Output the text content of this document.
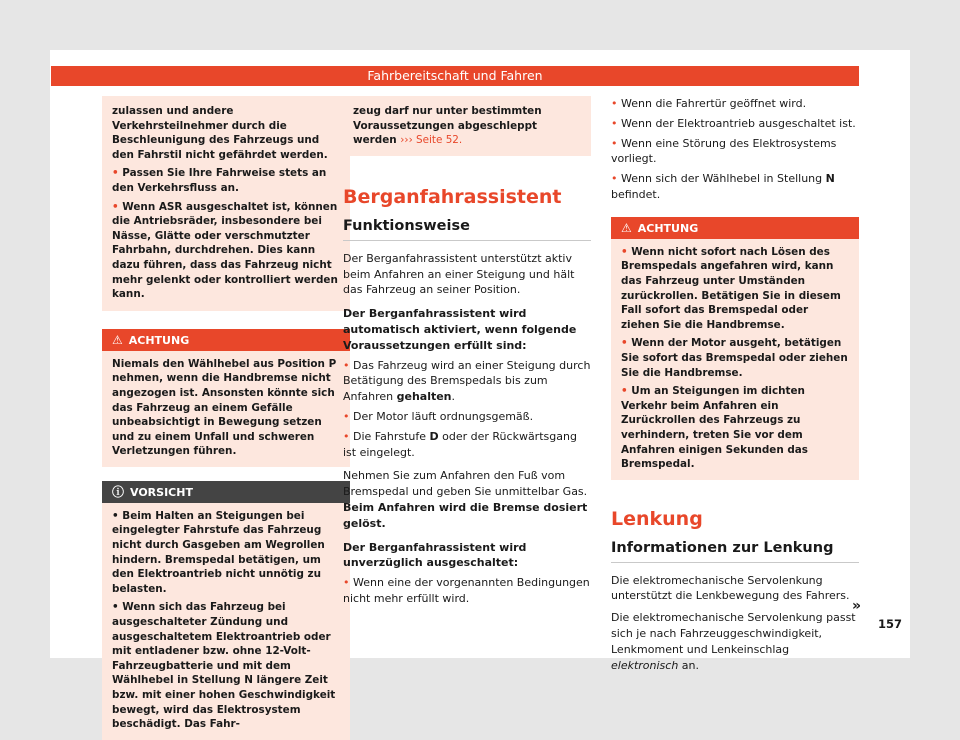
Fahrbereitschaft und Fahren

zulassen und andere Verkehrsteilnehmer durch die Beschleunigung des Fahrzeugs und den Fahrstil nicht gefährdet werden.

• Passen Sie Ihre Fahrweise stets an den Verkehrsfluss an.

• Wenn ASR ausgeschaltet ist, können die Antriebsräder, insbesondere bei Nässe, Glätte oder verschmutzter Fahrbahn, durchdrehen. Dies kann dazu führen, dass das Fahrzeug nicht mehr gelenkt oder kontrolliert werden kann.

⚠ ACHTUNG

Niemals den Wählhebel aus Position P nehmen, wenn die Handbremse nicht angezogen ist. Ansonsten könnte sich das Fahrzeug an einem Gefälle unbeabsichtigt in Bewegung setzen und zu einem Unfall und schweren Verletzungen führen.

ⓘ VORSICHT

• Beim Halten an Steigungen bei eingelegter Fahrstufe das Fahrzeug nicht durch Gasgeben am Wegrollen hindern. Bremspedal betätigen, um den Elektroantrieb nicht unnötig zu belasten.

• Wenn sich das Fahrzeug bei ausgeschalteter Zündung und ausgeschaltetem Elektroantrieb oder mit entladener bzw. ohne 12-Volt-Fahrzeugbatterie und mit dem Wählhebel in Stellung N längere Zeit bzw. mit einer hohen Geschwindigkeit bewegt, wird das Elektrosystem beschädigt. Das Fahr-

zeug darf nur unter bestimmten Voraussetzungen abgeschleppt werden ››› Seite 52.
Berganfahrassistent
Funktionsweise

Der Berganfahrassistent unterstützt aktiv beim Anfahren an einer Steigung und hält das Fahrzeug an seiner Position.

Der Berganfahrassistent wird automatisch aktiviert, wenn folgende Voraussetzungen erfüllt sind:

• Das Fahrzeug wird an einer Steigung durch Betätigung des Bremspedals bis zum Anfahren gehalten.

• Der Motor läuft ordnungsgemäß.

• Die Fahrstufe D oder der Rückwärtsgang ist eingelegt.

Nehmen Sie zum Anfahren den Fuß vom Bremspedal und geben Sie unmittelbar Gas. Beim Anfahren wird die Bremse dosiert gelöst.

Der Berganfahrassistent wird unverzüglich ausgeschaltet:

• Wenn eine der vorgenannten Bedingungen nicht mehr erfüllt wird.

• Wenn die Fahrertür geöffnet wird.

• Wenn der Elektroantrieb ausgeschaltet ist.

• Wenn eine Störung des Elektrosystems vorliegt.

• Wenn sich der Wählhebel in Stellung N befindet.

⚠ ACHTUNG

• Wenn nicht sofort nach Lösen des Bremspedals angefahren wird, kann das Fahrzeug unter Umständen zurückrollen. Betätigen Sie in diesem Fall sofort das Bremspedal oder ziehen Sie die Handbremse.

• Wenn der Motor ausgeht, betätigen Sie sofort das Bremspedal oder ziehen Sie die Handbremse.

• Um an Steigungen im dichten Verkehr beim Anfahren ein Zurückrollen des Fahrzeugs zu verhindern, treten Sie vor dem Anfahren einigen Sekunden das Bremspedal.

Lenkung
Informationen zur Lenkung

Die elektromechanische Servolenkung unterstützt die Lenkbewegung des Fahrers.

Die elektromechanische Servolenkung passt sich je nach Fahrzeuggeschwindigkeit, Lenkmoment und Lenkeinschlag elektronisch an.

»
157
